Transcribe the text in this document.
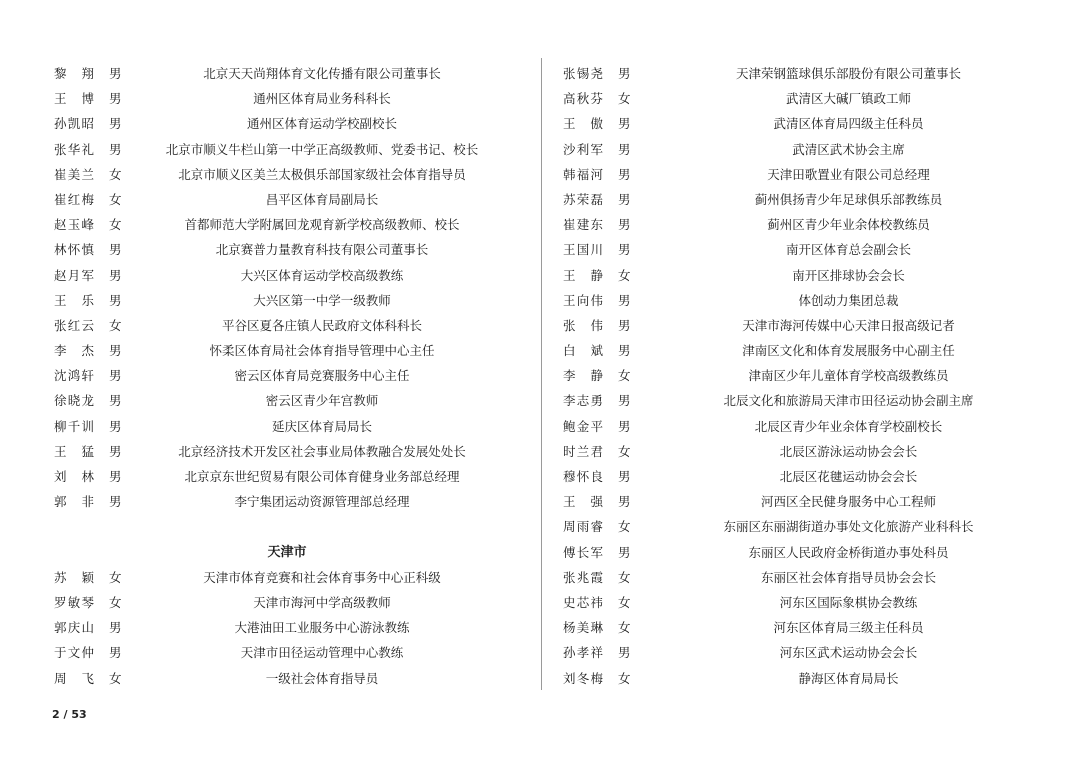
黎　翔 男	北京天天尚翔体育文化传播有限公司董事长
王　博 男	通州区体育局业务科科长
孙凯昭 男	通州区体育运动学校副校长
张华礼 男	北京市顺义牛栏山第一中学正高级教师、党委书记、校长
崔美兰 女	北京市顺义区美兰太极俱乐部国家级社会体育指导员
崔红梅 女	昌平区体育局副局长
赵玉峰 女	首都师范大学附属回龙观育新学校高级教师、校长
林怀慎 男	北京赛普力量教育科技有限公司董事长
赵月军 男	大兴区体育运动学校高级教练
王　乐 男	大兴区第一中学一级教师
张红云 女	平谷区夏各庄镇人民政府文体科科长
李　杰 男	怀柔区体育局社会体育指导管理中心主任
沈鸿轩 男	密云区体育局竞赛服务中心主任
徐晓龙 男	密云区青少年宫教师
柳千训 男	延庆区体育局局长
王　猛 男	北京经济技术开发区社会事业局体教融合发展处处长
刘　林 男	北京京东世纪贸易有限公司体育健身业务部总经理
郭　非 男	李宁集团运动资源管理部总经理
天津市
苏　颖 女	天津市体育竞赛和社会体育事务中心正科级
罗敏琴 女	天津市海河中学高级教师
郭庆山 男	大港油田工业服务中心游泳教练
于文仲 男	天津市田径运动管理中心教练
周　飞 女	一级社会体育指导员
张锡尧 男	天津荣钢篮球俱乐部股份有限公司董事长
高秋芬 女	武清区大碱厂镇政工师
王　傲 男	武清区体育局四级主任科员
沙利军 男	武清区武术协会主席
韩福河 男	天津田歌置业有限公司总经理
苏荣磊 男	蓟州俱扬青少年足球俱乐部教练员
崔建东 男	蓟州区青少年业余体校教练员
王国川 男	南开区体育总会副会长
王　静 女	南开区排球协会会长
王向伟 男	体创动力集团总裁
张　伟 男	天津市海河传媒中心天津日报高级记者
白　斌 男	津南区文化和体育发展服务中心副主任
李　静 女	津南区少年儿童体育学校高级教练员
李志勇 男	北辰文化和旅游局天津市田径运动协会副主席
鲍金平 男	北辰区青少年业余体育学校副校长
时兰君 女	北辰区游泳运动协会会长
穆怀良 男	北辰区花毽运动协会会长
王　强 男	河西区全民健身服务中心工程师
周雨睿 女	东丽区东丽湖街道办事处文化旅游产业科科长
傅长军 男	东丽区人民政府金桥街道办事处科员
张兆霞 女	东丽区社会体育指导员协会会长
史芯祎 女	河东区国际象棋协会教练
杨美琳 女	河东区体育局三级主任科员
孙孝祥 男	河东区武术运动协会会长
刘冬梅 女	静海区体育局局长
2 / 53
